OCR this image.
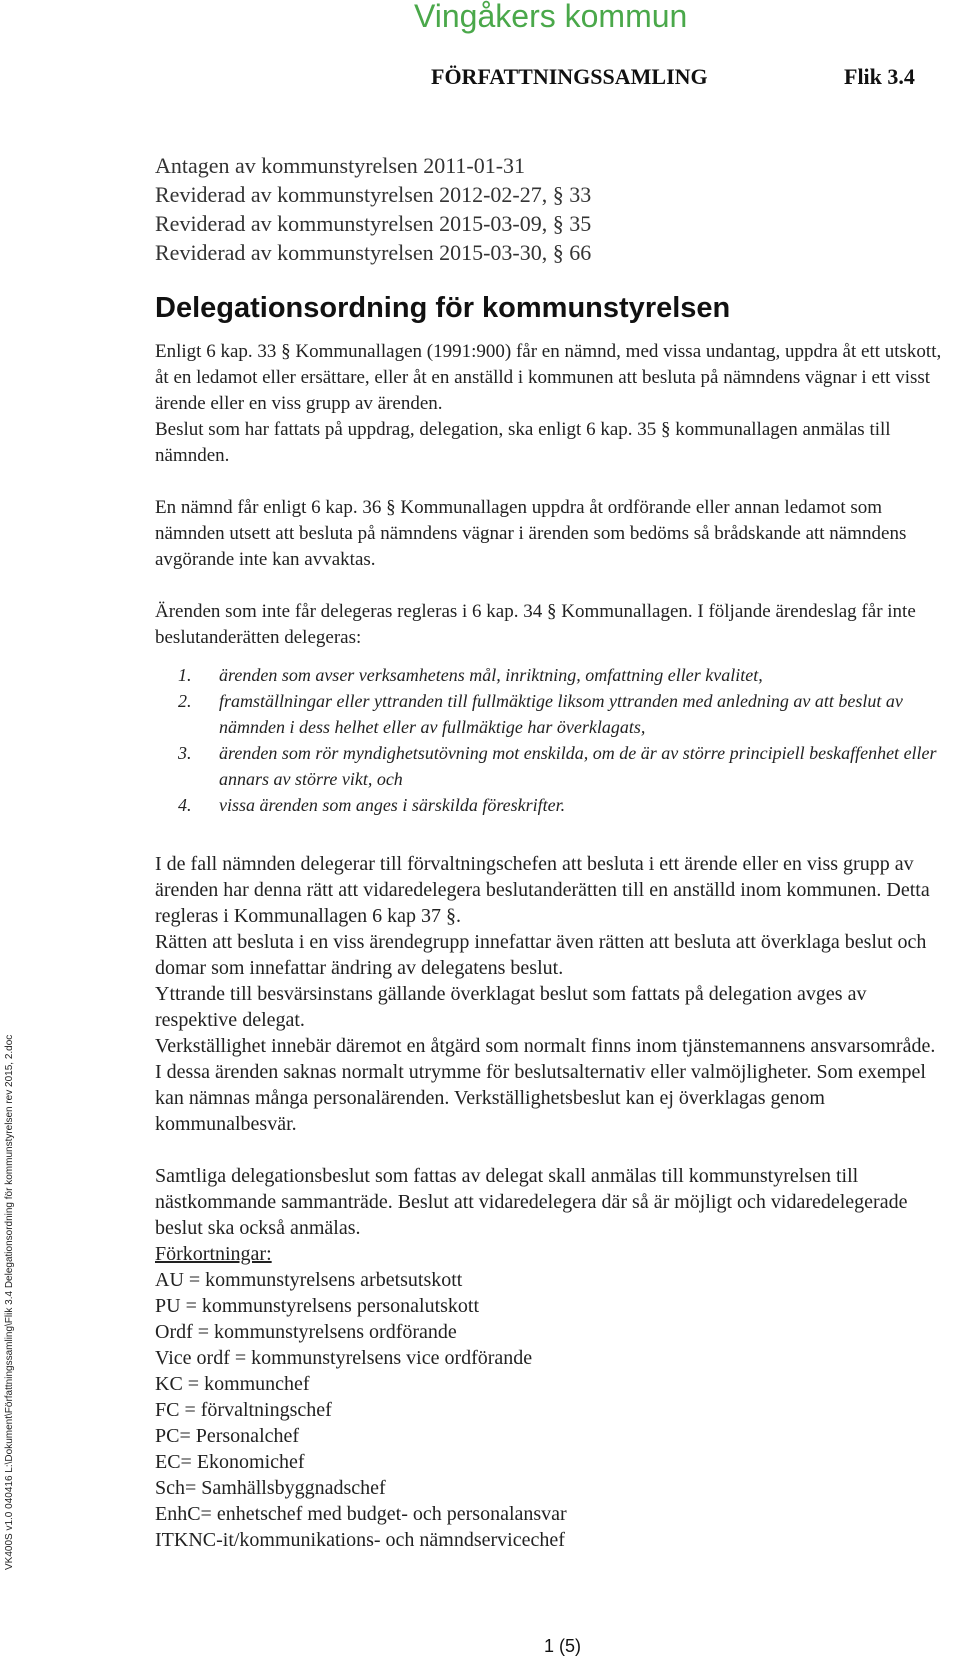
Vingåkers kommun
FÖRFATTNINGSSAMLING	Flik 3.4
Antagen av kommunstyrelsen 2011-01-31
Reviderad av kommunstyrelsen 2012-02-27, § 33
Reviderad av kommunstyrelsen 2015-03-09, § 35
Reviderad av kommunstyrelsen 2015-03-30, § 66
Delegationsordning för kommunstyrelsen

Enligt 6 kap. 33 § Kommunallagen (1991:900) får en nämnd, med vissa undantag, uppdra åt ett utskott, åt en ledamot eller ersättare, eller åt en anställd i kommunen att besluta på nämndens vägnar i ett visst ärende eller en viss grupp av ärenden.

Beslut som har fattats på uppdrag, delegation, ska enligt 6 kap. 35 § kommunallagen anmälas till nämnden.

En nämnd får enligt 6 kap. 36 § Kommunallagen uppdra åt ordförande eller annan ledamot som nämnden utsett att besluta på nämndens vägnar i ärenden som bedöms så brådskande att nämndens avgörande inte kan avvaktas.

Ärenden som inte får delegeras regleras i 6 kap. 34 § Kommunallagen. I följande ärendeslag får inte beslutanderätten delegeras:

1.	ärenden som avser verksamhetens mål, inriktning, omfattning eller kvalitet,
2.	framställningar eller yttranden till fullmäktige liksom yttranden med anledning av att beslut av nämnden i dess helhet eller av fullmäktige har överklagats,
3.	ärenden som rör myndighetsutövning mot enskilda, om de är av större principiell beskaffenhet eller annars av större vikt, och
4.	vissa ärenden som anges i särskilda föreskrifter.

I de fall nämnden delegerar till förvaltningschefen att besluta i ett ärende eller en viss grupp av ärenden har denna rätt att vidaredelegera beslutanderätten till en anställd inom kommunen. Detta regleras i Kommunallagen 6 kap 37 §.

Rätten att besluta i en viss ärendegrupp innefattar även rätten att besluta att överklaga beslut och domar som innefattar ändring av delegatens beslut.

Yttrande till besvärsinstans gällande överklagat beslut som fattats på delegation avges av respektive delegat.

Verkställighet innebär däremot en åtgärd som normalt finns inom tjänstemannens ansvarsområde. I dessa ärenden saknas normalt utrymme för beslutsalternativ eller valmöjligheter. Som exempel kan nämnas många personalärenden. Verkställighetsbeslut kan ej överklagas genom kommunalbesvär.

Samtliga delegationsbeslut som fattas av delegat skall anmälas till kommunstyrelsen till nästkommande sammanträde. Beslut att vidaredelegera där så är möjligt och vidaredelegerade beslut ska också anmälas.

Förkortningar:
AU = kommunstyrelsens arbetsutskott
PU = kommunstyrelsens personalutskott
Ordf = kommunstyrelsens ordförande
Vice ordf = kommunstyrelsens vice ordförande
KC = kommunchef
FC = förvaltningschef
PC= Personalchef
EC= Ekonomichef
Sch= Samhällsbyggnadschef
EnhC= enhetschef med budget- och personalansvar
ITKNC-it/kommunikations- och nämndservicechef
VK400S v1.0 040416 L:\Dokument\Författningssamling\Flik 3.4 Delegationsordning för kommunstyrelsen rev 2015, 2.doc
1 (5)
